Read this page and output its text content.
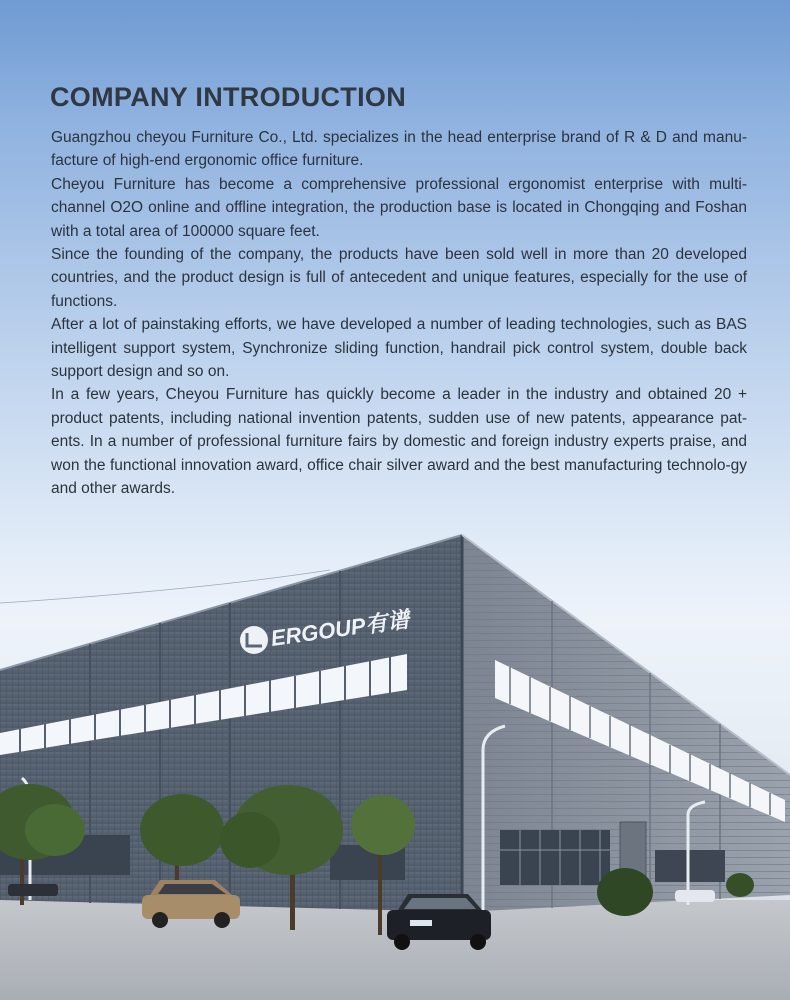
ERGOUP有谱
COMPANY INTRODUCTION

Guangzhou cheyou Furniture Co., Ltd. specializes in the head enterprise brand of R & D and manu-facture of high-end ergonomic office furniture.

Cheyou Furniture has become a comprehensive professional ergonomist enterprise with multi-channel O2O online and offline integration, the production base is located in Chongqing and Foshan with a total area of 100000 square feet.

Since the founding of the company, the products have been sold well in more than 20 developed countries, and the product design is full of antecedent and unique features, especially for the use of functions.

After a lot of painstaking efforts, we have developed a number of leading technologies, such as BAS intelligent support system, Synchronize sliding function, handrail pick control system, double back support design and so on.

In a few years, Cheyou Furniture has quickly become a leader in the industry and obtained 20 + product patents, including national invention patents, sudden use of new patents, appearance pat-ents. In a number of professional furniture fairs by domestic and foreign industry experts praise, and won the functional innovation award, office chair silver award and the best manufacturing technolo-gy and other awards.
